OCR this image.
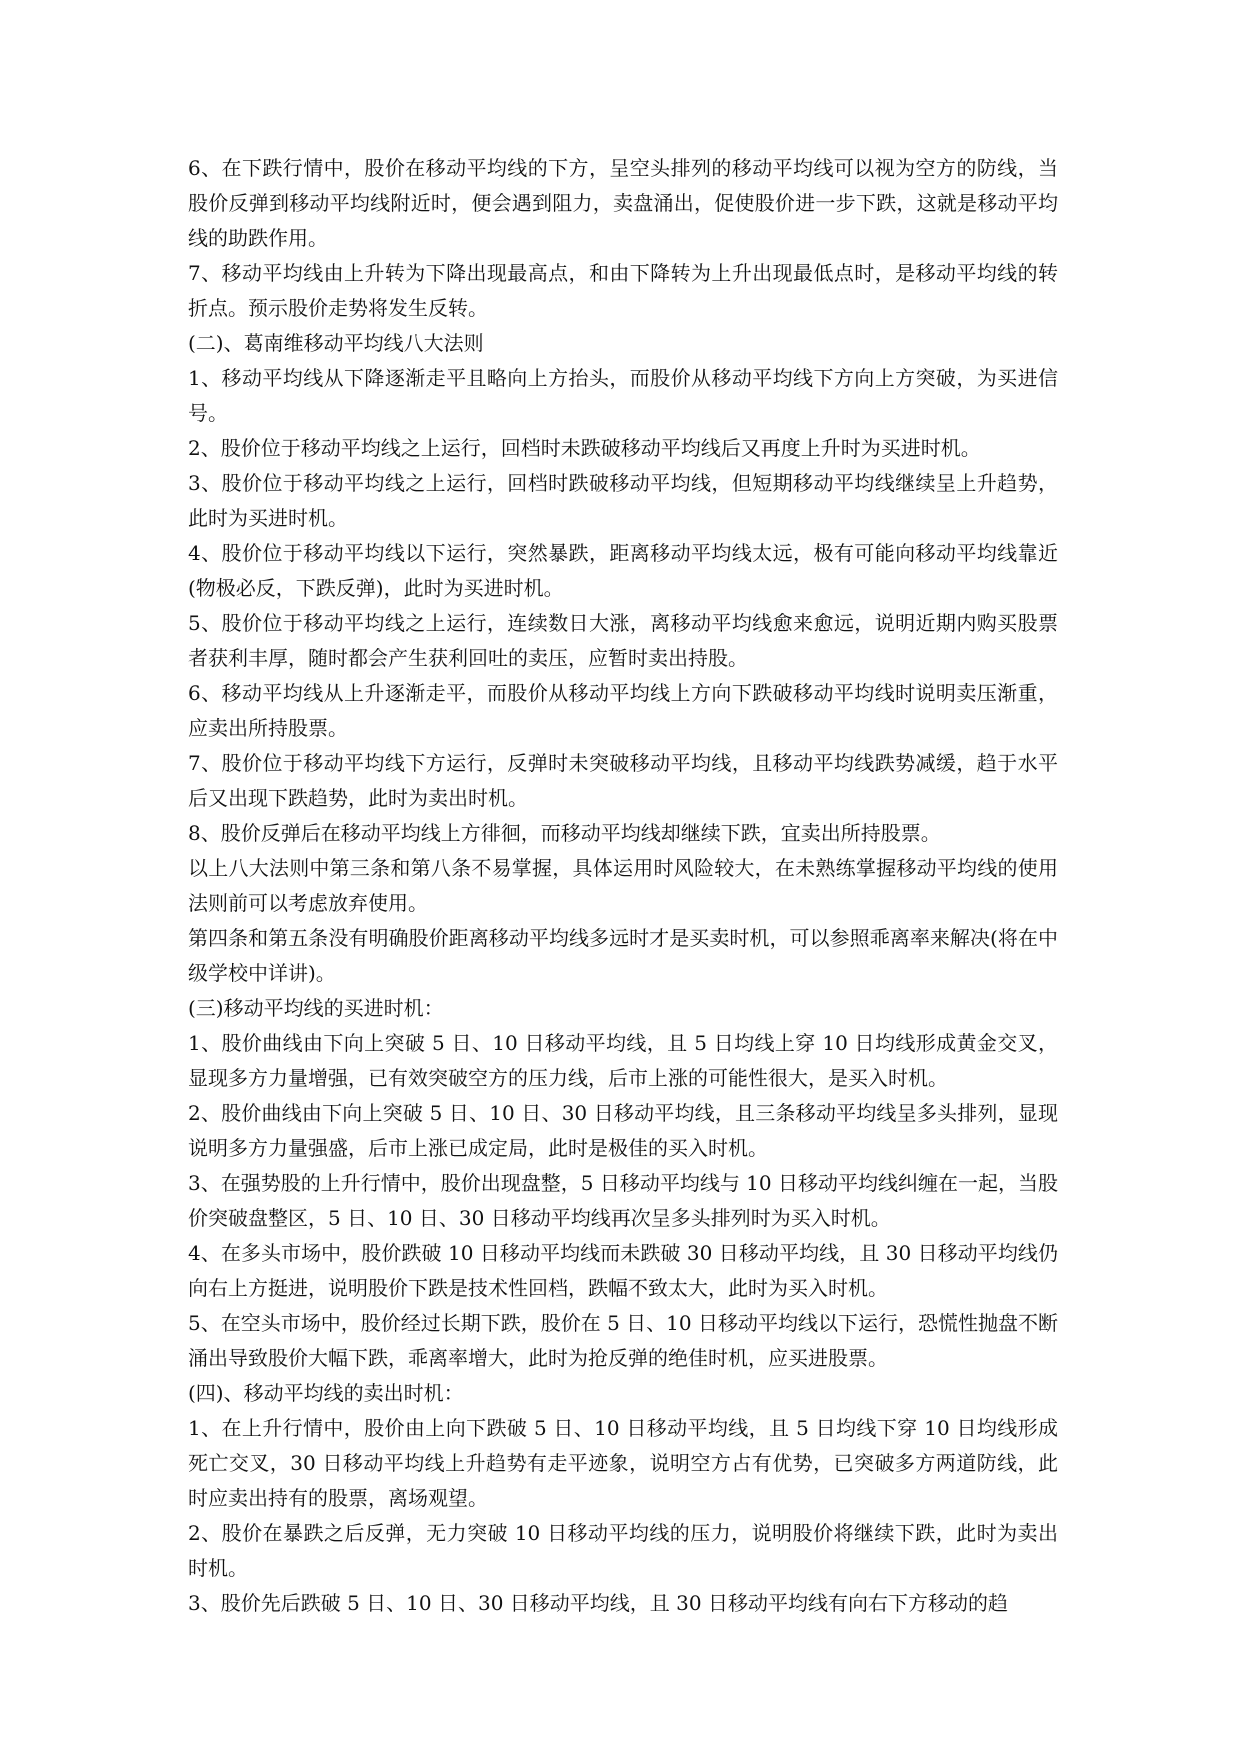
6、在下跌行情中，股价在移动平均线的下方，呈空头排列的移动平均线可以视为空方的防线，当股价反弹到移动平均线附近时，便会遇到阻力，卖盘涌出，促使股价进一步下跌，这就是移动平均线的助跌作用。

7、移动平均线由上升转为下降出现最高点，和由下降转为上升出现最低点时，是移动平均线的转折点。预示股价走势将发生反转。

(二)、葛南维移动平均线八大法则

1、移动平均线从下降逐渐走平且略向上方抬头，而股价从移动平均线下方向上方突破，为买进信号。

2、股价位于移动平均线之上运行，回档时未跌破移动平均线后又再度上升时为买进时机。

3、股价位于移动平均线之上运行，回档时跌破移动平均线，但短期移动平均线继续呈上升趋势，此时为买进时机。

4、股价位于移动平均线以下运行，突然暴跌，距离移动平均线太远，极有可能向移动平均线靠近(物极必反，下跌反弹)，此时为买进时机。

5、股价位于移动平均线之上运行，连续数日大涨，离移动平均线愈来愈远，说明近期内购买股票者获利丰厚，随时都会产生获利回吐的卖压，应暂时卖出持股。

6、移动平均线从上升逐渐走平，而股价从移动平均线上方向下跌破移动平均线时说明卖压渐重，应卖出所持股票。

7、股价位于移动平均线下方运行，反弹时未突破移动平均线，且移动平均线跌势减缓，趋于水平后又出现下跌趋势，此时为卖出时机。

8、股价反弹后在移动平均线上方徘徊，而移动平均线却继续下跌，宜卖出所持股票。

以上八大法则中第三条和第八条不易掌握，具体运用时风险较大，在未熟练掌握移动平均线的使用法则前可以考虑放弃使用。

第四条和第五条没有明确股价距离移动平均线多远时才是买卖时机，可以参照乖离率来解决(将在中级学校中详讲)。

(三)移动平均线的买进时机：

1、股价曲线由下向上突破 5 日、10 日移动平均线，且 5 日均线上穿 10 日均线形成黄金交叉，显现多方力量增强，已有效突破空方的压力线，后市上涨的可能性很大，是买入时机。

2、股价曲线由下向上突破 5 日、10 日、30 日移动平均线，且三条移动平均线呈多头排列，显现说明多方力量强盛，后市上涨已成定局，此时是极佳的买入时机。

3、在强势股的上升行情中，股价出现盘整，5 日移动平均线与 10 日移动平均线纠缠在一起，当股价突破盘整区，5 日、10 日、30 日移动平均线再次呈多头排列时为买入时机。

4、在多头市场中，股价跌破 10 日移动平均线而未跌破 30 日移动平均线，且 30 日移动平均线仍向右上方挺进，说明股价下跌是技术性回档，跌幅不致太大，此时为买入时机。

5、在空头市场中，股价经过长期下跌，股价在 5 日、10 日移动平均线以下运行，恐慌性抛盘不断涌出导致股价大幅下跌，乖离率增大，此时为抢反弹的绝佳时机，应买进股票。

(四)、移动平均线的卖出时机：

1、在上升行情中，股价由上向下跌破 5 日、10 日移动平均线，且 5 日均线下穿 10 日均线形成死亡交叉，30 日移动平均线上升趋势有走平迹象，说明空方占有优势，已突破多方两道防线，此时应卖出持有的股票，离场观望。

2、股价在暴跌之后反弹，无力突破 10 日移动平均线的压力，说明股价将继续下跌，此时为卖出时机。

3、股价先后跌破 5 日、10 日、30 日移动平均线，且 30 日移动平均线有向右下方移动的趋
